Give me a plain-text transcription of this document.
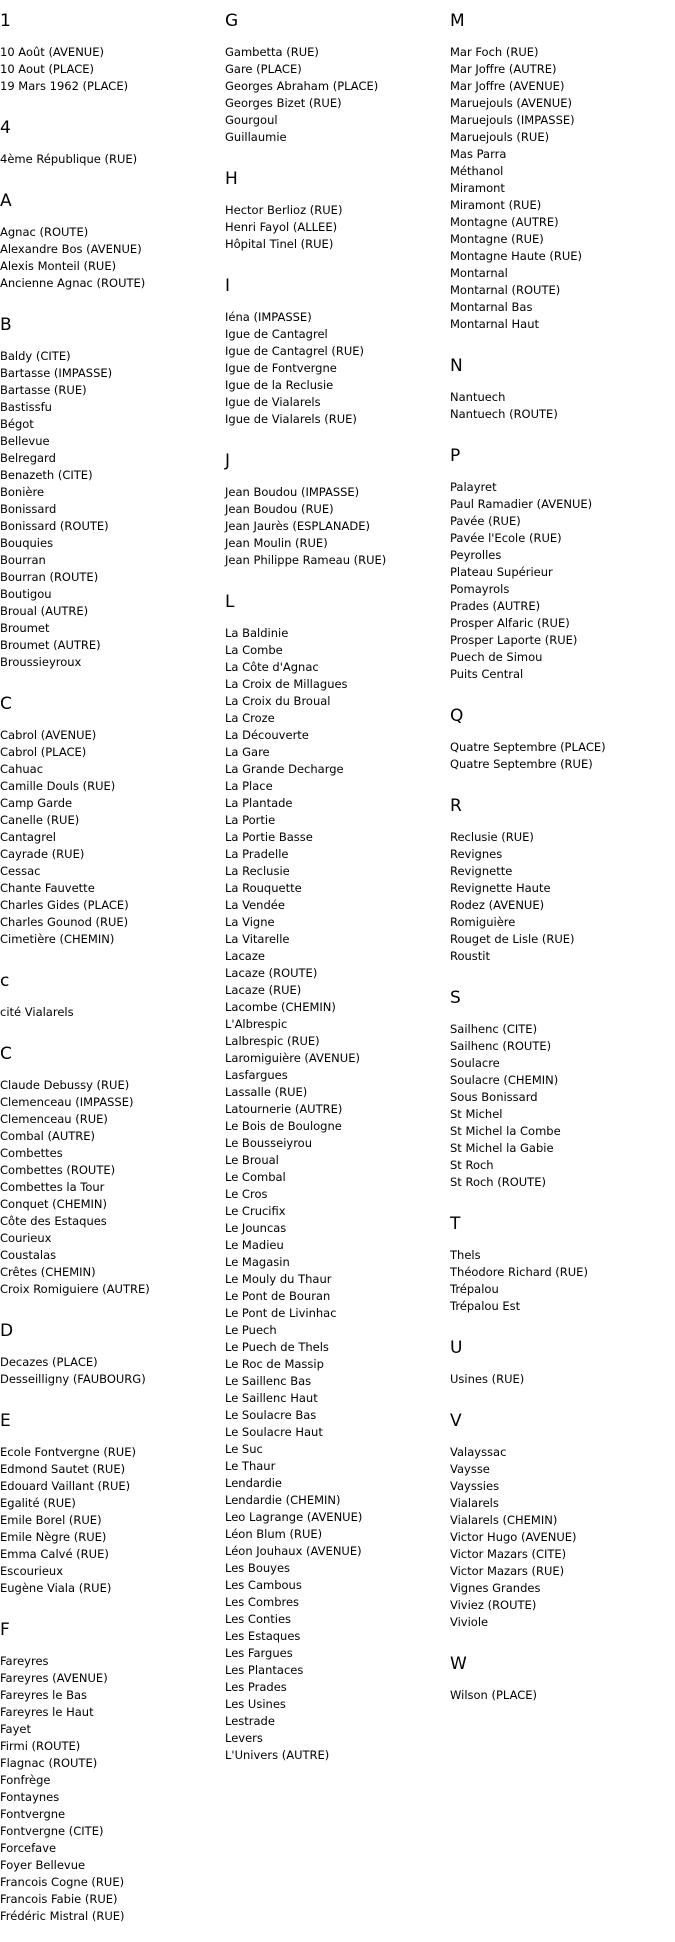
1
10 Août (AVENUE)
10 Aout (PLACE)
19 Mars 1962 (PLACE)
4
4ème République (RUE)
A
Agnac (ROUTE)
Alexandre Bos (AVENUE)
Alexis Monteil (RUE)
Ancienne Agnac (ROUTE)
B
Baldy (CITE)
Bartasse (IMPASSE)
Bartasse (RUE)
Bastissfu
Bégot
Bellevue
Belregard
Benazeth (CITE)
Bonière
Bonissard
Bonissard (ROUTE)
Bouquies
Bourran
Bourran (ROUTE)
Boutigou
Broual (AUTRE)
Broumet
Broumet (AUTRE)
Broussieyroux
C
Cabrol (AVENUE)
Cabrol (PLACE)
Cahuac
Camille Douls (RUE)
Camp Garde
Canelle (RUE)
Cantagrel
Cayrade (RUE)
Cessac
Chante Fauvette
Charles Gides (PLACE)
Charles Gounod (RUE)
Cimetière (CHEMIN)
c
cité Vialarels
C
Claude Debussy (RUE)
Clemenceau (IMPASSE)
Clemenceau (RUE)
Combal (AUTRE)
Combettes
Combettes (ROUTE)
Combettes la Tour
Conquet (CHEMIN)
Côte des Estaques
Courieux
Coustalas
Crêtes (CHEMIN)
Croix Romiguiere (AUTRE)
D
Decazes (PLACE)
Desseilligny (FAUBOURG)
E
Ecole Fontvergne (RUE)
Edmond Sautet (RUE)
Edouard Vaillant (RUE)
Egalité (RUE)
Emile Borel (RUE)
Emile Nègre (RUE)
Emma Calvé (RUE)
Escourieux
Eugène Viala (RUE)
F
Fareyres
Fareyres (AVENUE)
Fareyres le Bas
Fareyres le Haut
Fayet
Firmi (ROUTE)
Flagnac (ROUTE)
Fonfrège
Fontaynes
Fontvergne
Fontvergne (CITE)
Forcefave
Foyer Bellevue
Francois Cogne (RUE)
Francois Fabie (RUE)
Frédéric Mistral (RUE)
G
Gambetta (RUE)
Gare (PLACE)
Georges Abraham (PLACE)
Georges Bizet (RUE)
Gourgoul
Guillaumie
H
Hector Berlioz (RUE)
Henri Fayol (ALLEE)
Hôpital Tinel (RUE)
I
Iéna (IMPASSE)
Igue de Cantagrel
Igue de Cantagrel (RUE)
Igue de Fontvergne
Igue de la Reclusie
Igue de Vialarels
Igue de Vialarels (RUE)
J
Jean Boudou (IMPASSE)
Jean Boudou (RUE)
Jean Jaurès (ESPLANADE)
Jean Moulin (RUE)
Jean Philippe Rameau (RUE)
L
La Baldinie
La Combe
La Côte d'Agnac
La Croix de Millagues
La Croix du Broual
La Croze
La Découverte
La Gare
La Grande Decharge
La Place
La Plantade
La Portie
La Portie Basse
La Pradelle
La Reclusie
La Rouquette
La Vendée
La Vigne
La Vitarelle
Lacaze
Lacaze (ROUTE)
Lacaze (RUE)
Lacombe (CHEMIN)
L'Albrespic
Lalbrespic (RUE)
Laromiguière (AVENUE)
Lasfargues
Lassalle (RUE)
Latournerie (AUTRE)
Le Bois de Boulogne
Le Bousseiyrou
Le Broual
Le Combal
Le Cros
Le Crucifix
Le Jouncas
Le Madieu
Le Magasin
Le Mouly du Thaur
Le Pont de Bouran
Le Pont de Livinhac
Le Puech
Le Puech de Thels
Le Roc de Massip
Le Saillenc Bas
Le Saillenc Haut
Le Soulacre Bas
Le Soulacre Haut
Le Suc
Le Thaur
Lendardie
Lendardie (CHEMIN)
Leo Lagrange (AVENUE)
Léon Blum (RUE)
Léon Jouhaux (AVENUE)
Les Bouyes
Les Cambous
Les Combres
Les Conties
Les Estaques
Les Fargues
Les Plantaces
Les Prades
Les Usines
Lestrade
Levers
L'Univers (AUTRE)
M
Mar Foch (RUE)
Mar Joffre (AUTRE)
Mar Joffre (AVENUE)
Maruejouls (AVENUE)
Maruejouls (IMPASSE)
Maruejouls (RUE)
Mas Parra
Méthanol
Miramont
Miramont (RUE)
Montagne (AUTRE)
Montagne (RUE)
Montagne Haute (RUE)
Montarnal
Montarnal (ROUTE)
Montarnal Bas
Montarnal Haut
N
Nantuech
Nantuech (ROUTE)
P
Palayret
Paul Ramadier (AVENUE)
Pavée (RUE)
Pavée l'Ecole (RUE)
Peyrolles
Plateau Supérieur
Pomayrols
Prades (AUTRE)
Prosper Alfaric (RUE)
Prosper Laporte (RUE)
Puech de Simou
Puits Central
Q
Quatre Septembre (PLACE)
Quatre Septembre (RUE)
R
Reclusie (RUE)
Revignes
Revignette
Revignette Haute
Rodez (AVENUE)
Romiguière
Rouget de Lisle (RUE)
Roustit
S
Sailhenc (CITE)
Sailhenc (ROUTE)
Soulacre
Soulacre (CHEMIN)
Sous Bonissard
St Michel
St Michel la Combe
St Michel la Gabie
St Roch
St Roch (ROUTE)
T
Thels
Théodore Richard (RUE)
Trépalou
Trépalou Est
U
Usines (RUE)
V
Valayssac
Vaysse
Vayssies
Vialarels
Vialarels (CHEMIN)
Victor Hugo (AVENUE)
Victor Mazars (CITE)
Victor Mazars (RUE)
Vignes Grandes
Viviez (ROUTE)
Viviole
W
Wilson (PLACE)
